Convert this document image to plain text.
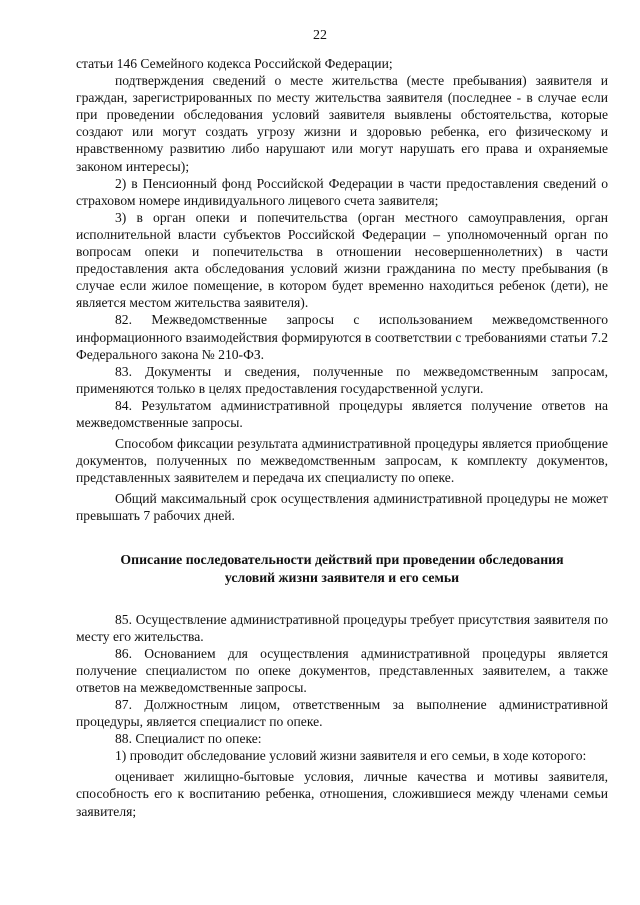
22

статьи 146 Семейного кодекса Российской Федерации;

подтверждения сведений о месте жительства (месте пребывания) заявителя и граждан, зарегистрированных по месту жительства заявителя (последнее - в случае если при проведении обследования условий заявителя выявлены обстоятельства, которые создают или могут создать угрозу жизни и здоровью ребенка, его физическому и нравственному развитию либо нарушают или могут нарушать его права и охраняемые законом интересы);

2) в Пенсионный фонд Российской Федерации в части предоставления сведений о страховом номере индивидуального лицевого счета заявителя;

3) в орган опеки и попечительства (орган местного самоуправления, орган исполнительной власти субъектов Российской Федерации – уполномоченный орган по вопросам опеки и попечительства в отношении несовершеннолетних) в части предоставления акта обследования условий жизни гражданина по месту пребывания (в случае если жилое помещение, в котором будет временно находиться ребенок (дети), не является местом жительства заявителя).

82. Межведомственные запросы с использованием межведомственного информационного взаимодействия формируются в соответствии с требованиями статьи 7.2 Федерального закона № 210-ФЗ.

83. Документы и сведения, полученные по межведомственным запросам, применяются только в целях предоставления государственной услуги.

84. Результатом административной процедуры является получение ответов на межведомственные запросы.

Способом фиксации результата административной процедуры является приобщение документов, полученных по межведомственным запросам, к комплекту документов, представленных заявителем и передача их специалисту по опеке.

Общий максимальный срок осуществления административной процедуры не может превышать 7 рабочих дней.

Описание последовательности действий при проведении обследования условий жизни заявителя и его семьи

85. Осуществление административной процедуры требует присутствия заявителя по месту его жительства.

86. Основанием для осуществления административной процедуры является получение специалистом по опеке документов, представленных заявителем, а также ответов на межведомственные запросы.

87. Должностным лицом, ответственным за выполнение административной процедуры, является специалист по опеке.

88. Специалист по опеке:

1) проводит обследование условий жизни заявителя и его семьи, в ходе которого:

оценивает жилищно-бытовые условия, личные качества и мотивы заявителя, способность его к воспитанию ребенка, отношения, сложившиеся между членами семьи заявителя;
